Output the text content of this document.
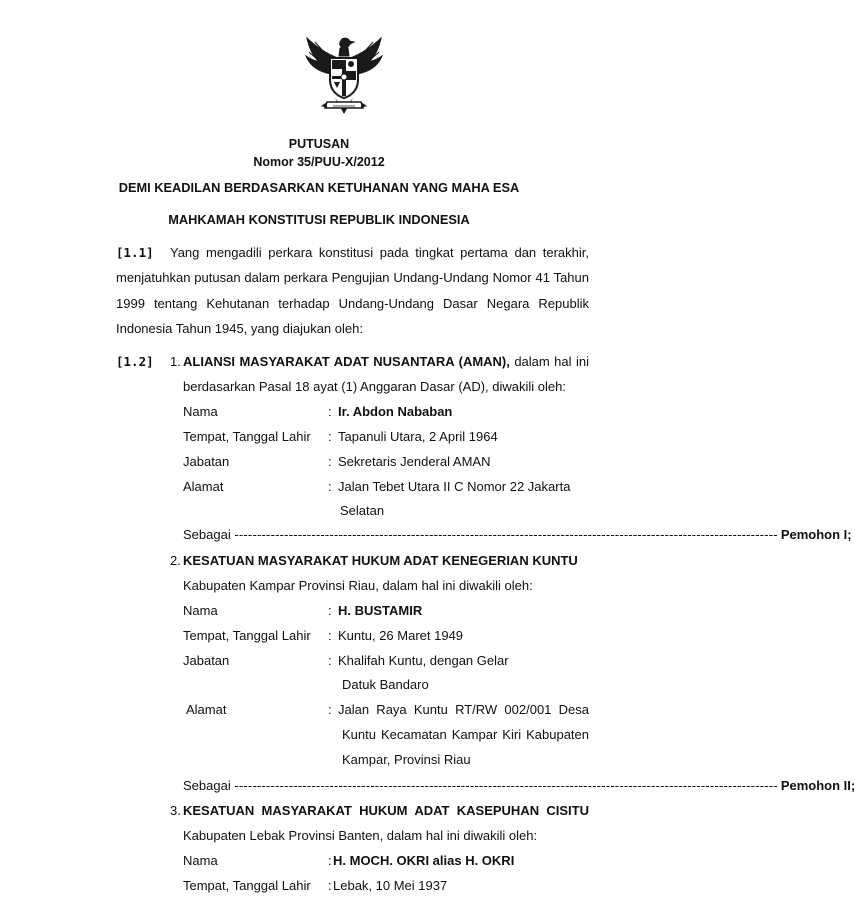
PUTUSAN
Nomor 35/PUU-X/2012
DEMI KEADILAN BERDASARKAN KETUHANAN YANG MAHA ESA
MAHKAMAH KONSTITUSI REPUBLIK INDONESIA
[1.1] Yang mengadili perkara konstitusi pada tingkat pertama dan terakhir,
menjatuhkan putusan dalam perkara Pengujian Undang-Undang Nomor 41 Tahun
1999 tentang Kehutanan terhadap Undang-Undang Dasar Negara Republik
Indonesia Tahun 1945, yang diajukan oleh:
[1.2] 1. ALIANSI MASYARAKAT ADAT NUSANTARA (AMAN), dalam hal ini
berdasarkan Pasal 18 ayat (1) Anggaran Dasar (AD), diwakili oleh:
Nama	: Ir. Abdon Nababan
Tempat, Tanggal Lahir : Tapanuli Utara, 2 April 1964
Jabatan	: Sekretaris Jenderal AMAN
Alamat	: Jalan Tebet Utara II C Nomor 22 Jakarta
Selatan
Sebagai
------------------------------------------------------------------------------------------------------------------------ Pemohon I;
2. KESATUAN MASYARAKAT HUKUM ADAT KENEGERIAN KUNTU
Kabupaten Kampar Provinsi Riau, dalam hal ini diwakili oleh:
Nama	: H. BUSTAMIR
Tempat, Tanggal Lahir : Kuntu, 26 Maret 1949
Jabatan	: Khalifah Kuntu, dengan Gelar
Datuk Bandaro
Alamat	: Jalan Raya Kuntu RT/RW 002/001 Desa
Kuntu Kecamatan Kampar Kiri Kabupaten
Kampar, Provinsi Riau
Sebagai
------------------------------------------------------------------------------------------------------------------------ Pemohon II;
3. KESATUAN  MASYARAKAT  HUKUM  ADAT  KASEPUHAN  CISITU
Kabupaten Lebak Provinsi Banten, dalam hal ini diwakili oleh:
Nama	: H. MOCH. OKRI alias H. OKRI
Tempat, Tanggal Lahir : Lebak, 10 Mei 1937
